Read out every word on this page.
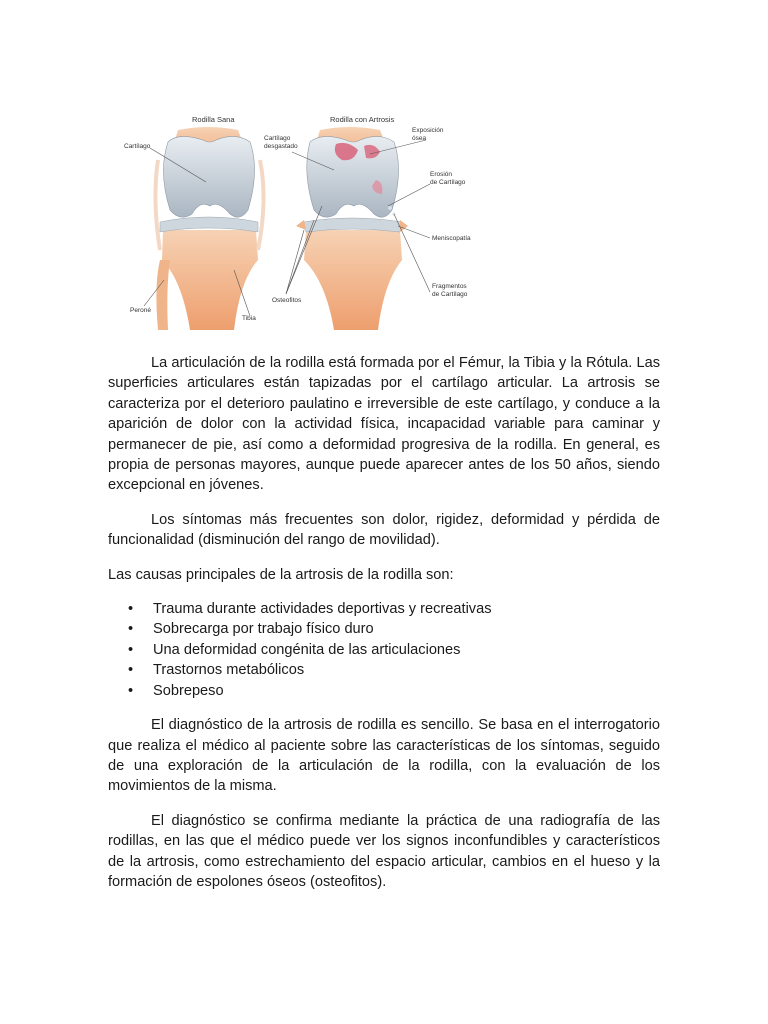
Rodilla Sana	Rodilla con Artrosis
Cartílago
Cartílago
desgastado
Exposición
ósea
Erosión
de Cartílago
Meniscopatía
Fragmentos
de Cartílago
Osteofitos
Peroné
Tibia

La articulación de la rodilla está formada por el Fémur, la Tibia y la Rótula. Las superficies articulares están tapizadas por el cartílago articular. La artrosis se caracteriza por el deterioro paulatino e irreversible de este cartílago, y conduce a la aparición de dolor con la actividad física, incapacidad variable para caminar y permanecer de pie, así como a deformidad progresiva de la rodilla. En general, es propia de personas mayores, aunque puede aparecer antes de los 50 años, siendo excepcional en jóvenes.

Los síntomas más frecuentes son dolor, rigidez, deformidad y pérdida de funcionalidad (disminución del rango de movilidad).

Las causas principales de la artrosis de la rodilla son:

• Trauma durante actividades deportivas y recreativas
• Sobrecarga por trabajo físico duro
• Una deformidad congénita de las articulaciones
• Trastornos metabólicos
• Sobrepeso

El diagnóstico de la artrosis de rodilla es sencillo. Se basa en el interrogatorio que realiza el médico al paciente sobre las características de los síntomas, seguido de una exploración de la articulación de la rodilla, con la evaluación de los movimientos de la misma.

El diagnóstico se confirma mediante la práctica de una radiografía de las rodillas, en las que el médico puede ver los signos inconfundibles y característicos de la artrosis, como estrechamiento del espacio articular, cambios en el hueso y la formación de espolones óseos (osteofitos).
